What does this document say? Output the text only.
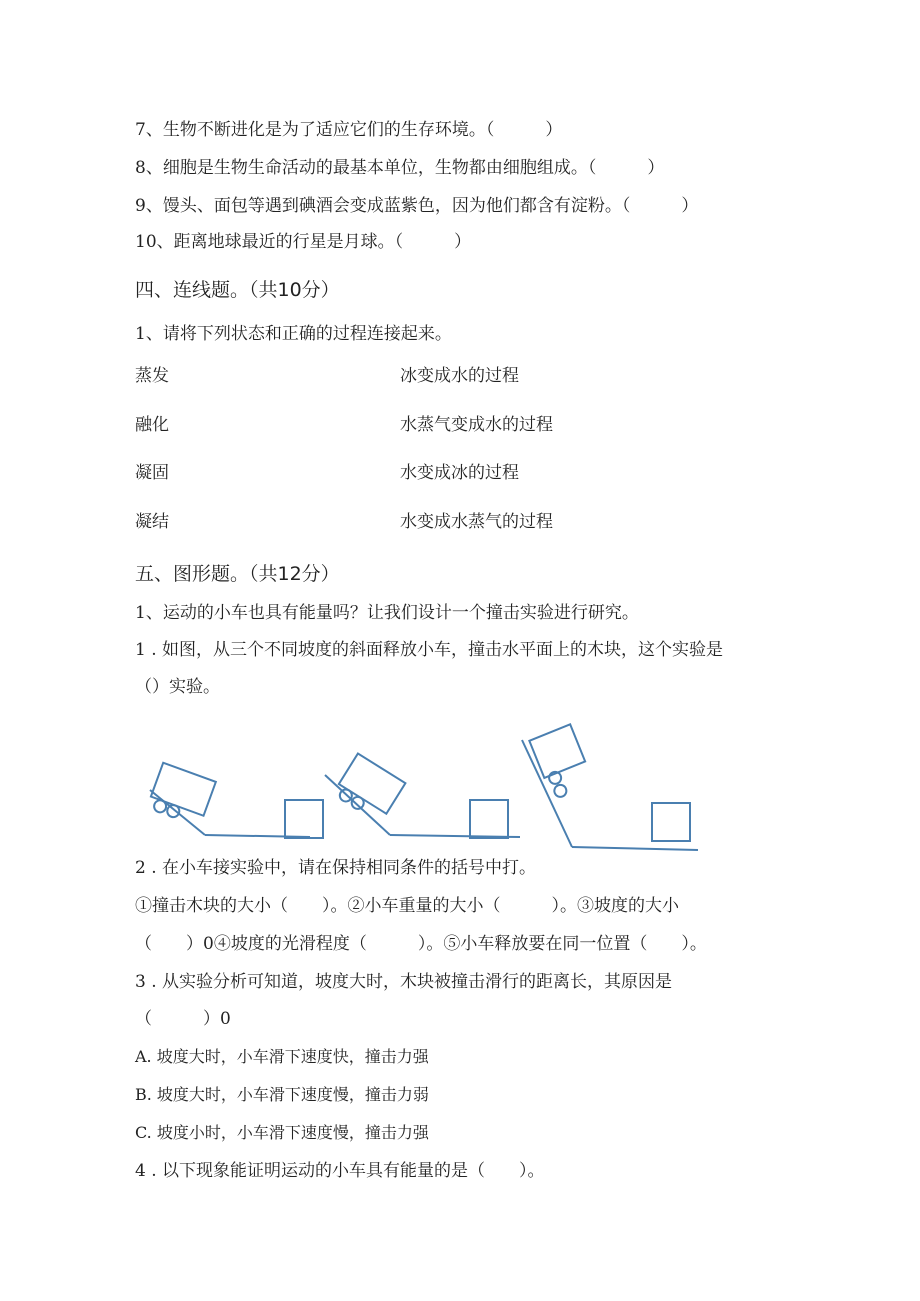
7、生物不断进化是为了适应它们的生存环境。（　　　）
8、细胞是生物生命活动的最基本单位，生物都由细胞组成。（　　　）
9、馒头、面包等遇到碘酒会变成蓝紫色，因为他们都含有淀粉。（　　　）
10、距离地球最近的行星是月球。（　　　）
四、连线题。（共10分）
1、请将下列状态和正确的过程连接起来。
蒸发
融化
凝固
凝结
冰变成水的过程
水蒸气变成水的过程
水变成冰的过程
水变成水蒸气的过程
五、图形题。（共12分）
1、运动的小车也具有能量吗？让我们设计一个撞击实验进行研究。
1 . 如图，从三个不同坡度的斜面释放小车，撞击水平面上的木块，这个实验是
（）实验。
2 . 在小车接实验中，请在保持相同条件的括号中打。
①撞击木块的大小（　　）。②小车重量的大小（　　　）。③坡度的大小
（　　）0④坡度的光滑程度（　　　）。⑤小车释放要在同一位置（　　）。
3 . 从实验分析可知道，坡度大时，木块被撞击滑行的距离长，其原因是
（　　　）0
A. 坡度大时，小车滑下速度快，撞击力强
B. 坡度大时，小车滑下速度慢，撞击力弱
C. 坡度小时，小车滑下速度慢，撞击力强
4 . 以下现象能证明运动的小车具有能量的是（　　）。
